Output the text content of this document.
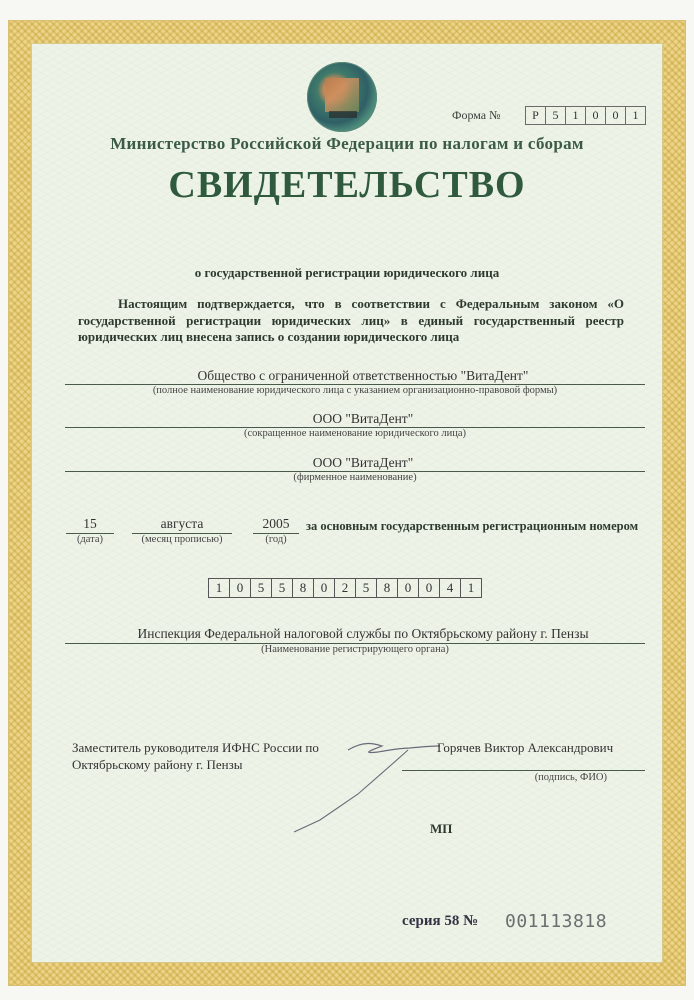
Форма №	Р	5	1	0	0	1
Министерство Российской Федерации по налогам и сборам
СВИДЕТЕЛЬСТВО
о государственной регистрации юридического лица
Настоящим подтверждается, что в соответствии с Федеральным законом «О государственной регистрации юридических лиц» в единый государственный реестр юридических лиц внесена запись о создании юридического лица
Общество с ограниченной ответственностью "ВитаДент"
(полное наименование юридического лица с указанием организационно-правовой формы)
ООО "ВитаДент"
(сокращенное наименование юридического лица)
ООО "ВитаДент"
(фирменное наименование)
15
(дата)
августа
(месяц прописью)
2005
(год)
за основным государственным регистрационным номером
1	0	5	5	8	0	2	5	8	0	0	4	1
Инспекция Федеральной налоговой службы по Октябрьскому району г. Пензы
(Наименование регистрирующего органа)
Заместитель руководителя ИФНС России по
Октябрьскому району г. Пензы
Горячев Виктор Александрович
(подпись, ФИО)
МП
серия 58 № 001113818
